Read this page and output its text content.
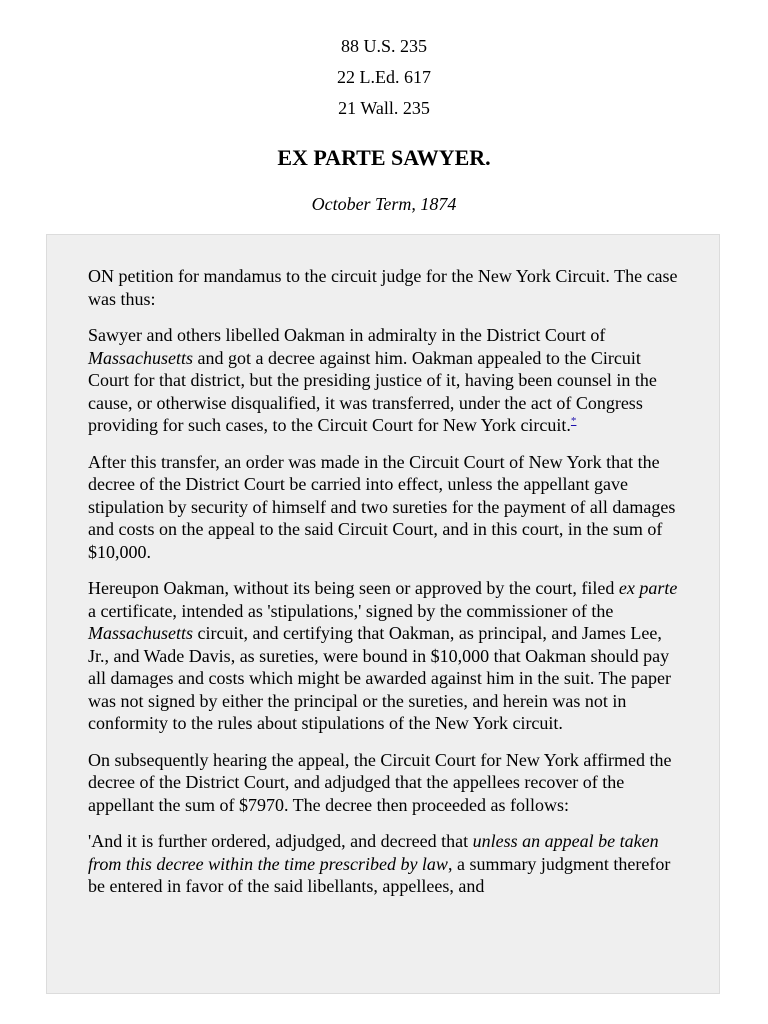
88 U.S. 235
22 L.Ed. 617
21 Wall. 235
EX PARTE SAWYER.
October Term, 1874

ON petition for mandamus to the circuit judge for the New York Circuit. The case was thus:

Sawyer and others libelled Oakman in admiralty in the District Court of Massachusetts and got a decree against him. Oakman appealed to the Circuit Court for that district, but the presiding justice of it, having been counsel in the cause, or otherwise disqualified, it was transferred, under the act of Congress providing for such cases, to the Circuit Court for New York circuit.*

After this transfer, an order was made in the Circuit Court of New York that the decree of the District Court be carried into effect, unless the appellant gave stipulation by security of himself and two sureties for the payment of all damages and costs on the appeal to the said Circuit Court, and in this court, in the sum of $10,000.

Hereupon Oakman, without its being seen or approved by the court, filed ex parte a certificate, intended as 'stipulations,' signed by the commissioner of the Massachusetts circuit, and certifying that Oakman, as principal, and James Lee, Jr., and Wade Davis, as sureties, were bound in $10,000 that Oakman should pay all damages and costs which might be awarded against him in the suit. The paper was not signed by either the principal or the sureties, and herein was not in conformity to the rules about stipulations of the New York circuit.

On subsequently hearing the appeal, the Circuit Court for New York affirmed the decree of the District Court, and adjudged that the appellees recover of the appellant the sum of $7970. The decree then proceeded as follows:

'And it is further ordered, adjudged, and decreed that unless an appeal be taken from this decree within the time prescribed by law, a summary judgment therefor be entered in favor of the said libellants, appellees, and
